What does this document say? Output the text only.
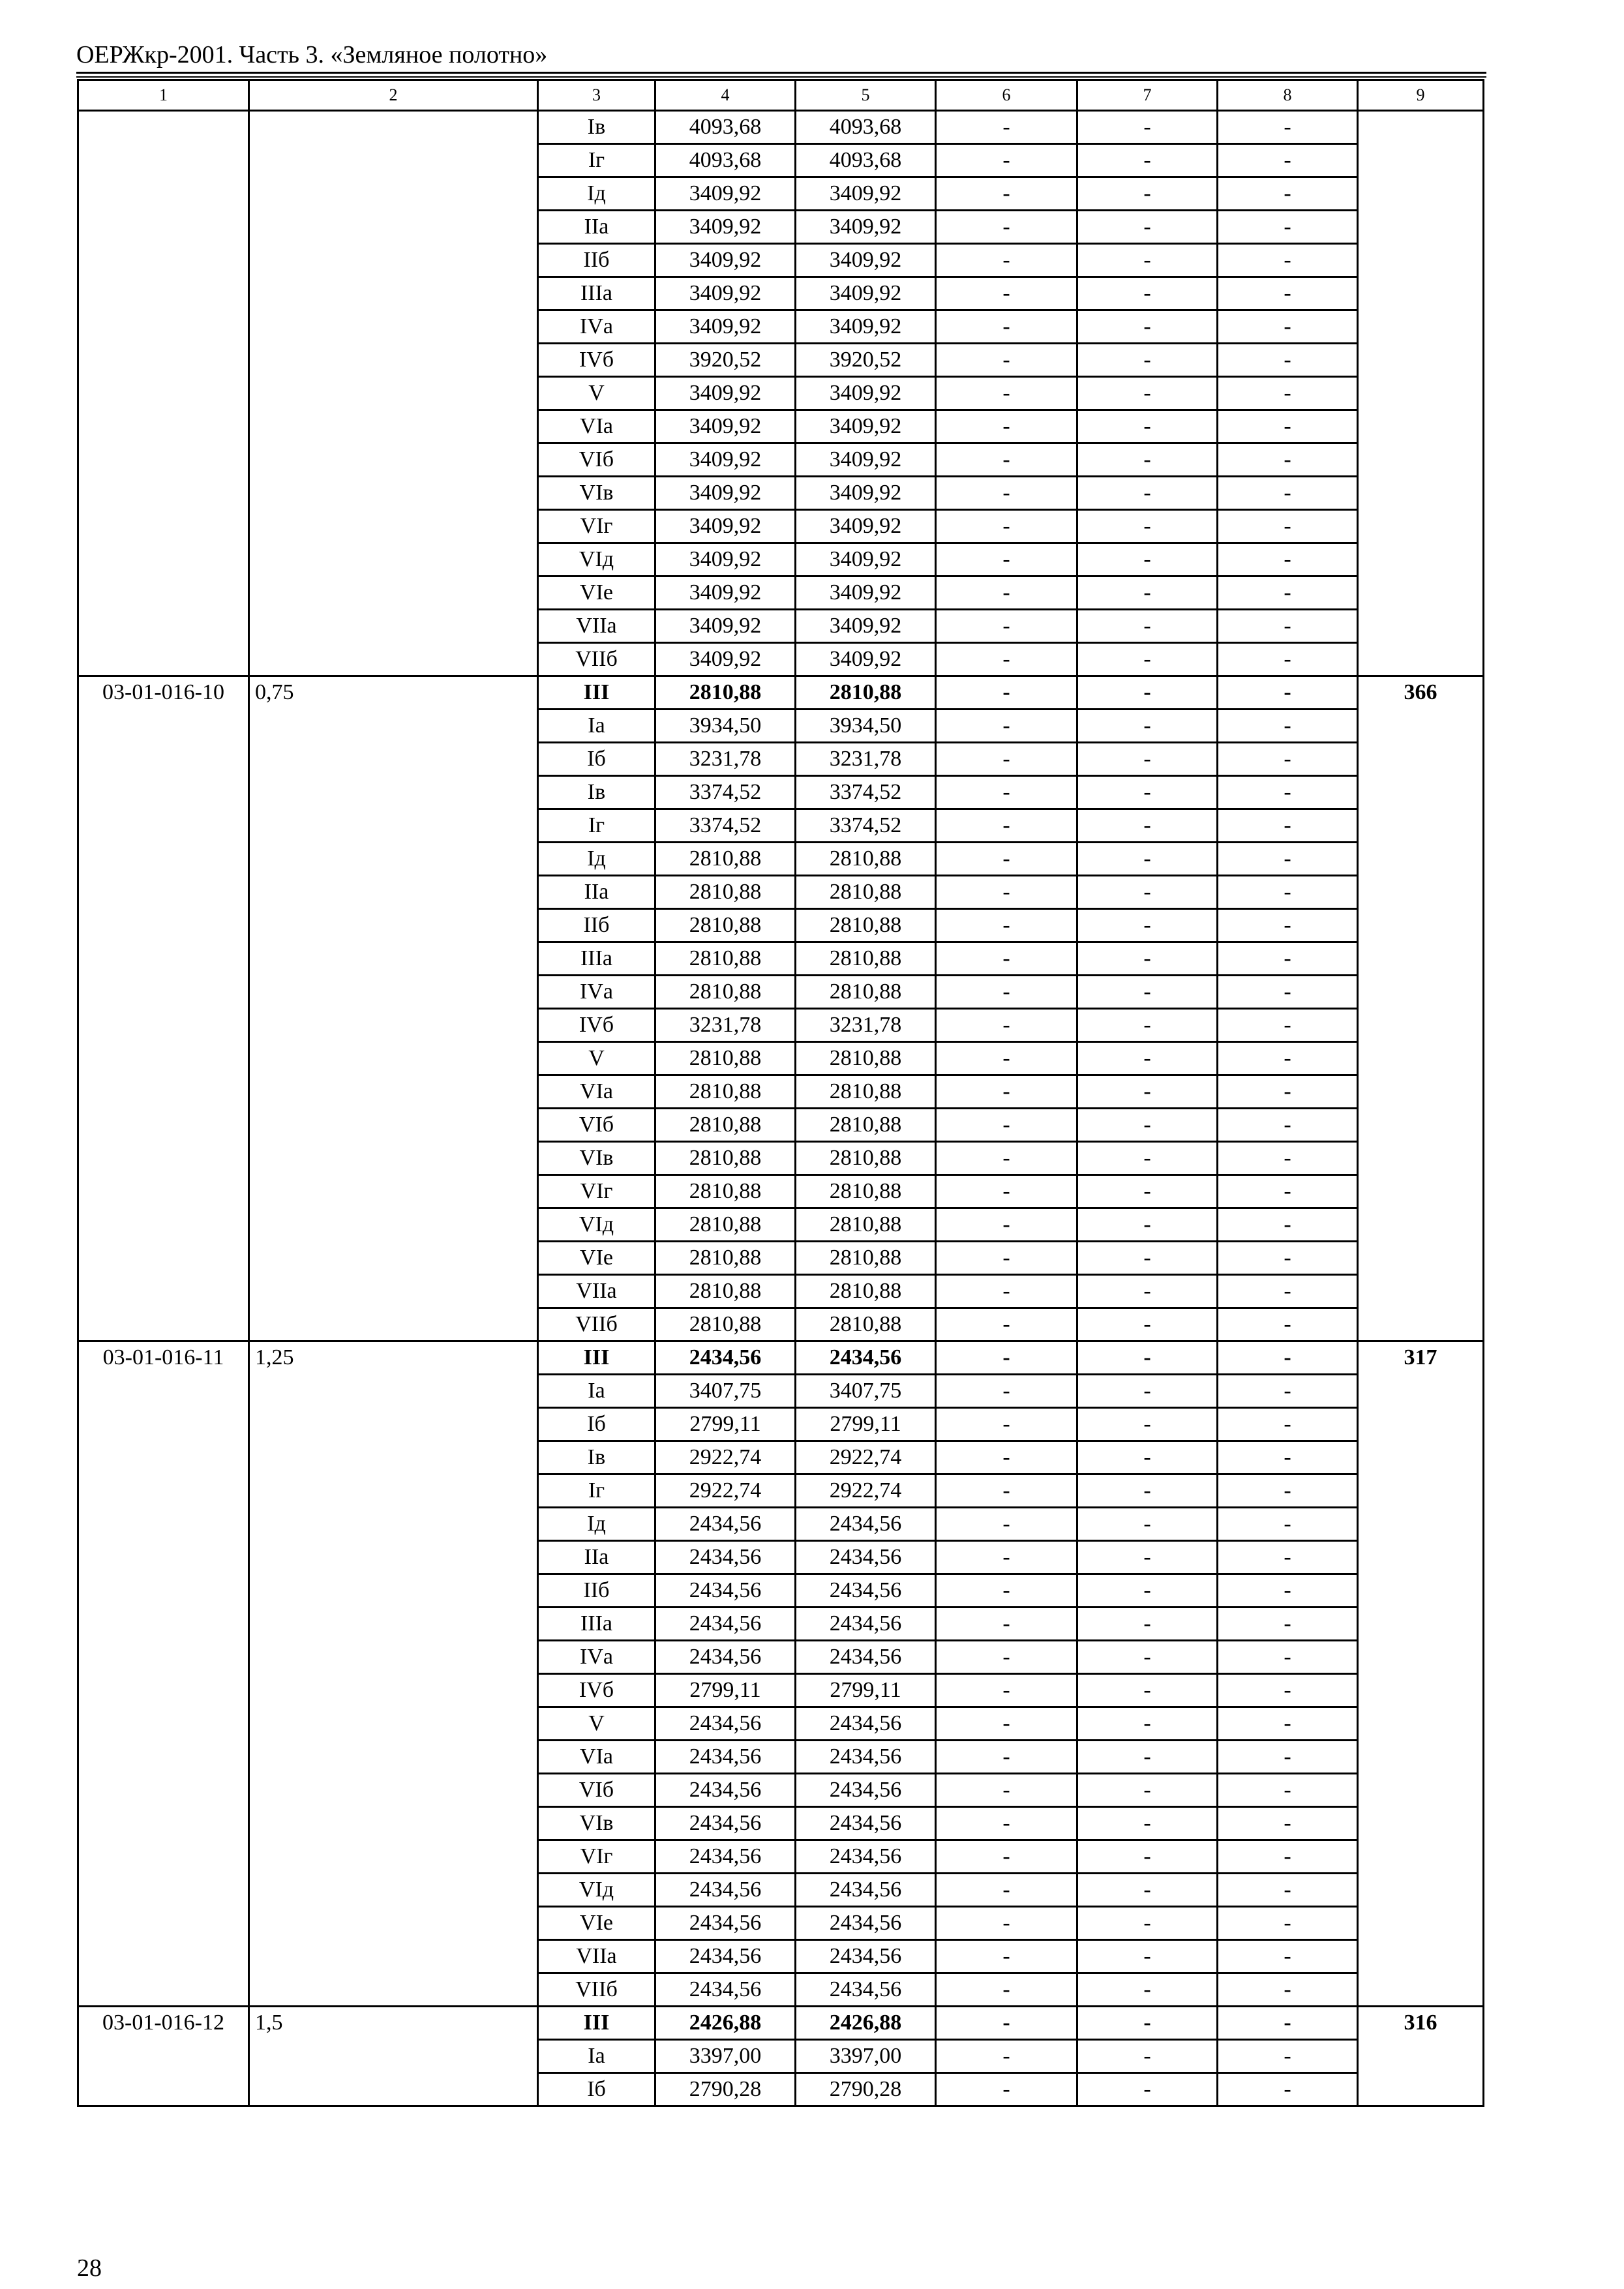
ОЕРЖкр-2001. Часть 3. «Земляное полотно»
1	2	3	4	5	6	7	8	9
		Iв	4093,68	4093,68	-	-	-	
		Iг	4093,68	4093,68	-	-	-	
		Iд	3409,92	3409,92	-	-	-	
		IIа	3409,92	3409,92	-	-	-	
		IIб	3409,92	3409,92	-	-	-	
		IIIа	3409,92	3409,92	-	-	-	
		IVа	3409,92	3409,92	-	-	-	
		IVб	3920,52	3920,52	-	-	-	
		V	3409,92	3409,92	-	-	-	
		VIа	3409,92	3409,92	-	-	-	
		VIб	3409,92	3409,92	-	-	-	
		VIв	3409,92	3409,92	-	-	-	
		VIг	3409,92	3409,92	-	-	-	
		VIд	3409,92	3409,92	-	-	-	
		VIе	3409,92	3409,92	-	-	-	
		VIIа	3409,92	3409,92	-	-	-	
		VIIб	3409,92	3409,92	-	-	-	
03-01-016-10	0,75	III	2810,88	2810,88	-	-	-	366
		Iа	3934,50	3934,50	-	-	-	
		Iб	3231,78	3231,78	-	-	-	
		Iв	3374,52	3374,52	-	-	-	
		Iг	3374,52	3374,52	-	-	-	
		Iд	2810,88	2810,88	-	-	-	
		IIа	2810,88	2810,88	-	-	-	
		IIб	2810,88	2810,88	-	-	-	
		IIIа	2810,88	2810,88	-	-	-	
		IVа	2810,88	2810,88	-	-	-	
		IVб	3231,78	3231,78	-	-	-	
		V	2810,88	2810,88	-	-	-	
		VIа	2810,88	2810,88	-	-	-	
		VIб	2810,88	2810,88	-	-	-	
		VIв	2810,88	2810,88	-	-	-	
		VIг	2810,88	2810,88	-	-	-	
		VIд	2810,88	2810,88	-	-	-	
		VIе	2810,88	2810,88	-	-	-	
		VIIа	2810,88	2810,88	-	-	-	
		VIIб	2810,88	2810,88	-	-	-	
03-01-016-11	1,25	III	2434,56	2434,56	-	-	-	317
		Iа	3407,75	3407,75	-	-	-	
		Iб	2799,11	2799,11	-	-	-	
		Iв	2922,74	2922,74	-	-	-	
		Iг	2922,74	2922,74	-	-	-	
		Iд	2434,56	2434,56	-	-	-	
		IIа	2434,56	2434,56	-	-	-	
		IIб	2434,56	2434,56	-	-	-	
		IIIа	2434,56	2434,56	-	-	-	
		IVа	2434,56	2434,56	-	-	-	
		IVб	2799,11	2799,11	-	-	-	
		V	2434,56	2434,56	-	-	-	
		VIа	2434,56	2434,56	-	-	-	
		VIб	2434,56	2434,56	-	-	-	
		VIв	2434,56	2434,56	-	-	-	
		VIг	2434,56	2434,56	-	-	-	
		VIд	2434,56	2434,56	-	-	-	
		VIе	2434,56	2434,56	-	-	-	
		VIIа	2434,56	2434,56	-	-	-	
		VIIб	2434,56	2434,56	-	-	-	
03-01-016-12	1,5	III	2426,88	2426,88	-	-	-	316
		Iа	3397,00	3397,00	-	-	-	
		Iб	2790,28	2790,28	-	-	-	
28
